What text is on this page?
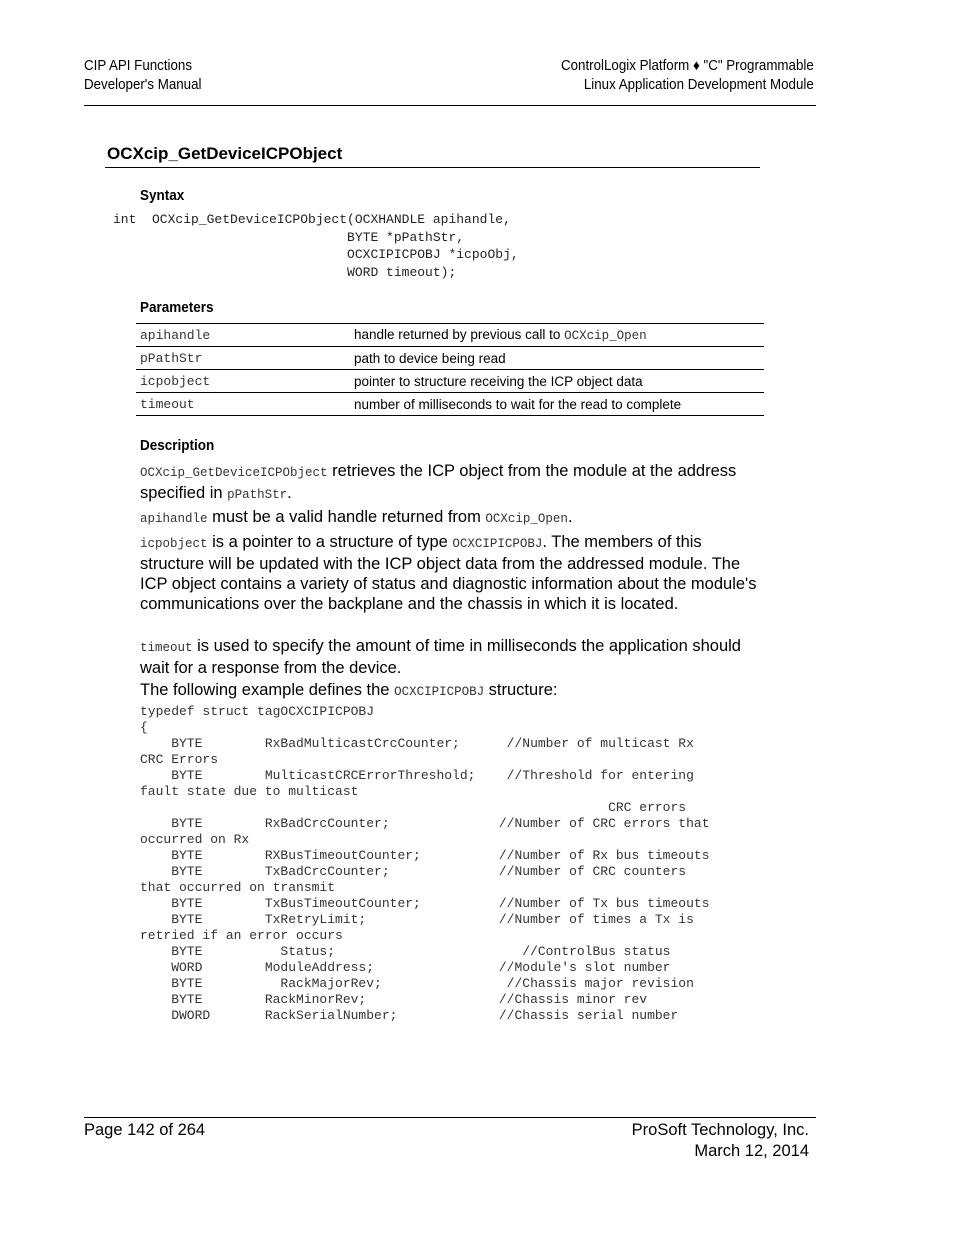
CIP API Functions
Developer's Manual
ControlLogix Platform ♦ "C" Programmable
Linux Application Development Module
OCXcip_GetDeviceICPObject
Syntax
int  OCXcip_GetDeviceICPObject(OCXHANDLE apihandle,
BYTE *pPathStr,
OCXCIPICPOBJ *icpoObj,
WORD timeout);
Parameters
apihandle	handle returned by previous call to OCXcip_Open
pPathStr	path to device being read
icpobject	pointer to structure receiving the ICP object data
timeout	number of milliseconds to wait for the read to complete
Description
OCXcip_GetDeviceICPObject retrieves the ICP object from the module at the address specified in pPathStr.
apihandle must be a valid handle returned from OCXcip_Open.
icpobject is a pointer to a structure of type OCXCIPICPOBJ. The members of this structure will be updated with the ICP object data from the addressed module. The ICP object contains a variety of status and diagnostic information about the module's communications over the backplane and the chassis in which it is located.
timeout is used to specify the amount of time in milliseconds the application should wait for a response from the device.
The following example defines the OCXCIPICPOBJ structure:
typedef struct tagOCXCIPICPOBJ
{
BYTE        RxBadMulticastCrcCounter;      //Number of multicast Rx
CRC Errors
BYTE        MulticastCRCErrorThreshold;    //Threshold for entering
fault state due to multicast
CRC errors
BYTE        RxBadCrcCounter;              //Number of CRC errors that
occurred on Rx
BYTE        RXBusTimeoutCounter;          //Number of Rx bus timeouts
BYTE        TxBadCrcCounter;              //Number of CRC counters
that occurred on transmit
BYTE        TxBusTimeoutCounter;          //Number of Tx bus timeouts
BYTE        TxRetryLimit;                 //Number of times a Tx is
retried if an error occurs
BYTE          Status;                        //ControlBus status
WORD        ModuleAddress;                //Module's slot number
BYTE          RackMajorRev;                //Chassis major revision
BYTE        RackMinorRev;                 //Chassis minor rev
DWORD       RackSerialNumber;             //Chassis serial number
Page 142 of 264	ProSoft Technology, Inc.
March 12, 2014
